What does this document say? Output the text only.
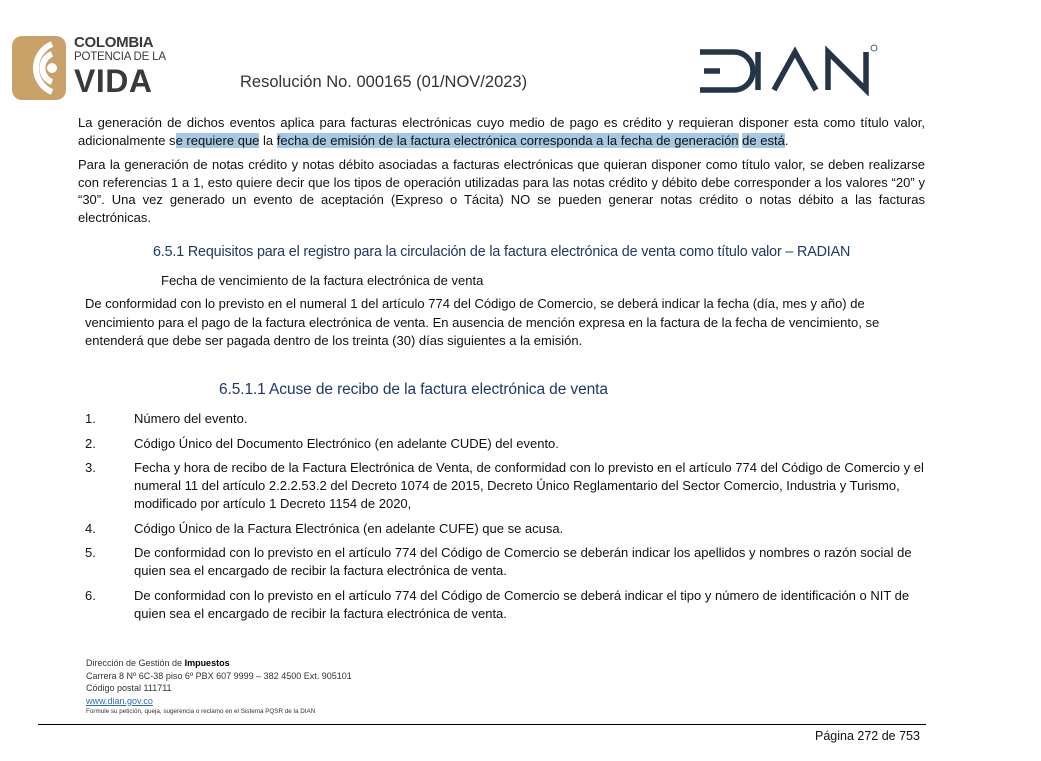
COLOMBIA
POTENCIA DE LA
VIDA	Resolución No. 000165 (01/NOV/2023)
La generación de dichos eventos aplica para facturas electrónicas cuyo medio de pago es crédito y requieran disponer esta como título valor, adicionalmente se requiere que la fecha de emisión de la factura electrónica corresponda a la fecha de generación de está.
Para la generación de notas crédito y notas débito asociadas a facturas electrónicas que quieran disponer como título valor, se deben realizarse con referencias 1 a 1, esto quiere decir que los tipos de operación utilizadas para las notas crédito y débito debe corresponder a los valores “20” y “30”. Una vez generado un evento de aceptación (Expreso o Tácita) NO se pueden generar notas crédito o notas débito a las facturas electrónicas.
6.5.1 Requisitos para el registro para la circulación de la factura electrónica de venta como título valor – RADIAN
Fecha de vencimiento de la factura electrónica de venta
De conformidad con lo previsto en el numeral 1 del artículo 774 del Código de Comercio, se deberá indicar la fecha (día, mes y año) de vencimiento para el pago de la factura electrónica de venta. En ausencia de mención expresa en la factura de la fecha de vencimiento, se entenderá que debe ser pagada dentro de los treinta (30) días siguientes a la emisión.
6.5.1.1 Acuse de recibo de la factura electrónica de venta
1.	Número del evento.
2.	Código Único del Documento Electrónico (en adelante CUDE) del evento.
3.	Fecha y hora de recibo de la Factura Electrónica de Venta, de conformidad con lo previsto en el artículo 774 del Código de Comercio y el numeral 11 del artículo 2.2.2.53.2 del Decreto 1074 de 2015, Decreto Único Reglamentario del Sector Comercio, Industria y Turismo, modificado por artículo 1 Decreto 1154 de 2020,
4.	Código Único de la Factura Electrónica (en adelante CUFE) que se acusa.
5.	De conformidad con lo previsto en el artículo 774 del Código de Comercio se deberán indicar los apellidos y nombres o razón social de quien sea el encargado de recibir la factura electrónica de venta.
6.	De conformidad con lo previsto en el artículo 774 del Código de Comercio se deberá indicar el tipo y número de identificación o NIT de quien sea el encargado de recibir la factura electrónica de venta.
Dirección de Gestión de Impuestos
Carrera 8 Nº 6C-38 piso 6º PBX 607 9999 – 382 4500 Ext. 905101
Código postal 111711
www.dian.gov.co
Formule su petición, queja, sugerencia o reclamo en el Sistema PQSR de la DIAN
Página 272 de 753
